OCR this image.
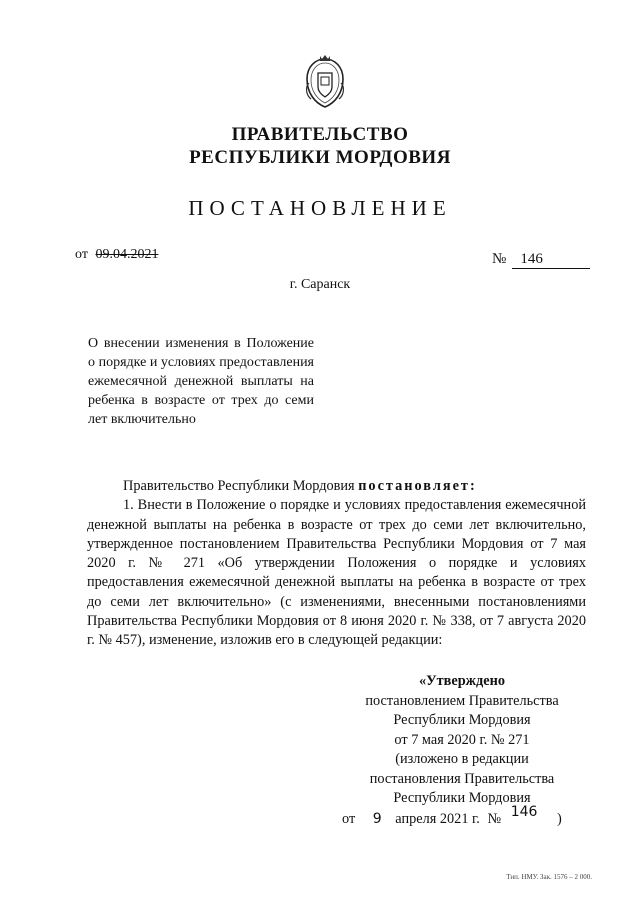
ПРАВИТЕЛЬСТВО
РЕСПУБЛИКИ МОРДОВИЯ
ПОСТАНОВЛЕНИЕ
от 09.04.2021	№ 146
г. Саранск
О внесении изменения в Положение о порядке и условиях предоставления ежемесячной денежной выплаты на ребенка в возрасте от трех до семи лет включительно

Правительство Республики Мордовия постановляет:

1. Внести в Положение о порядке и условиях предоставления ежемесячной денежной выплаты на ребенка в возрасте от трех до семи лет включительно, утвержденное постановлением Правительства Республики Мордовия от 7 мая 2020 г. № 271 «Об утверждении Положения о порядке и условиях предоставления ежемесячной денежной выплаты на ребенка в возрасте от трех до семи лет включительно» (с изменениями, внесенными постановлениями Правительства Республики Мордовия от 8 июня 2020 г. № 338, от 7 августа 2020 г. № 457), изменение, изложив его в следующей редакции:

«Утверждено
постановлением Правительства
Республики Мордовия
от 7 мая 2020 г. № 271
(изложено в редакции
постановления Правительства
Республики Мордовия
от 9 апреля 2021 г. № 146 )
Тип. НМУ. Зак. 1576 – 2 000.
